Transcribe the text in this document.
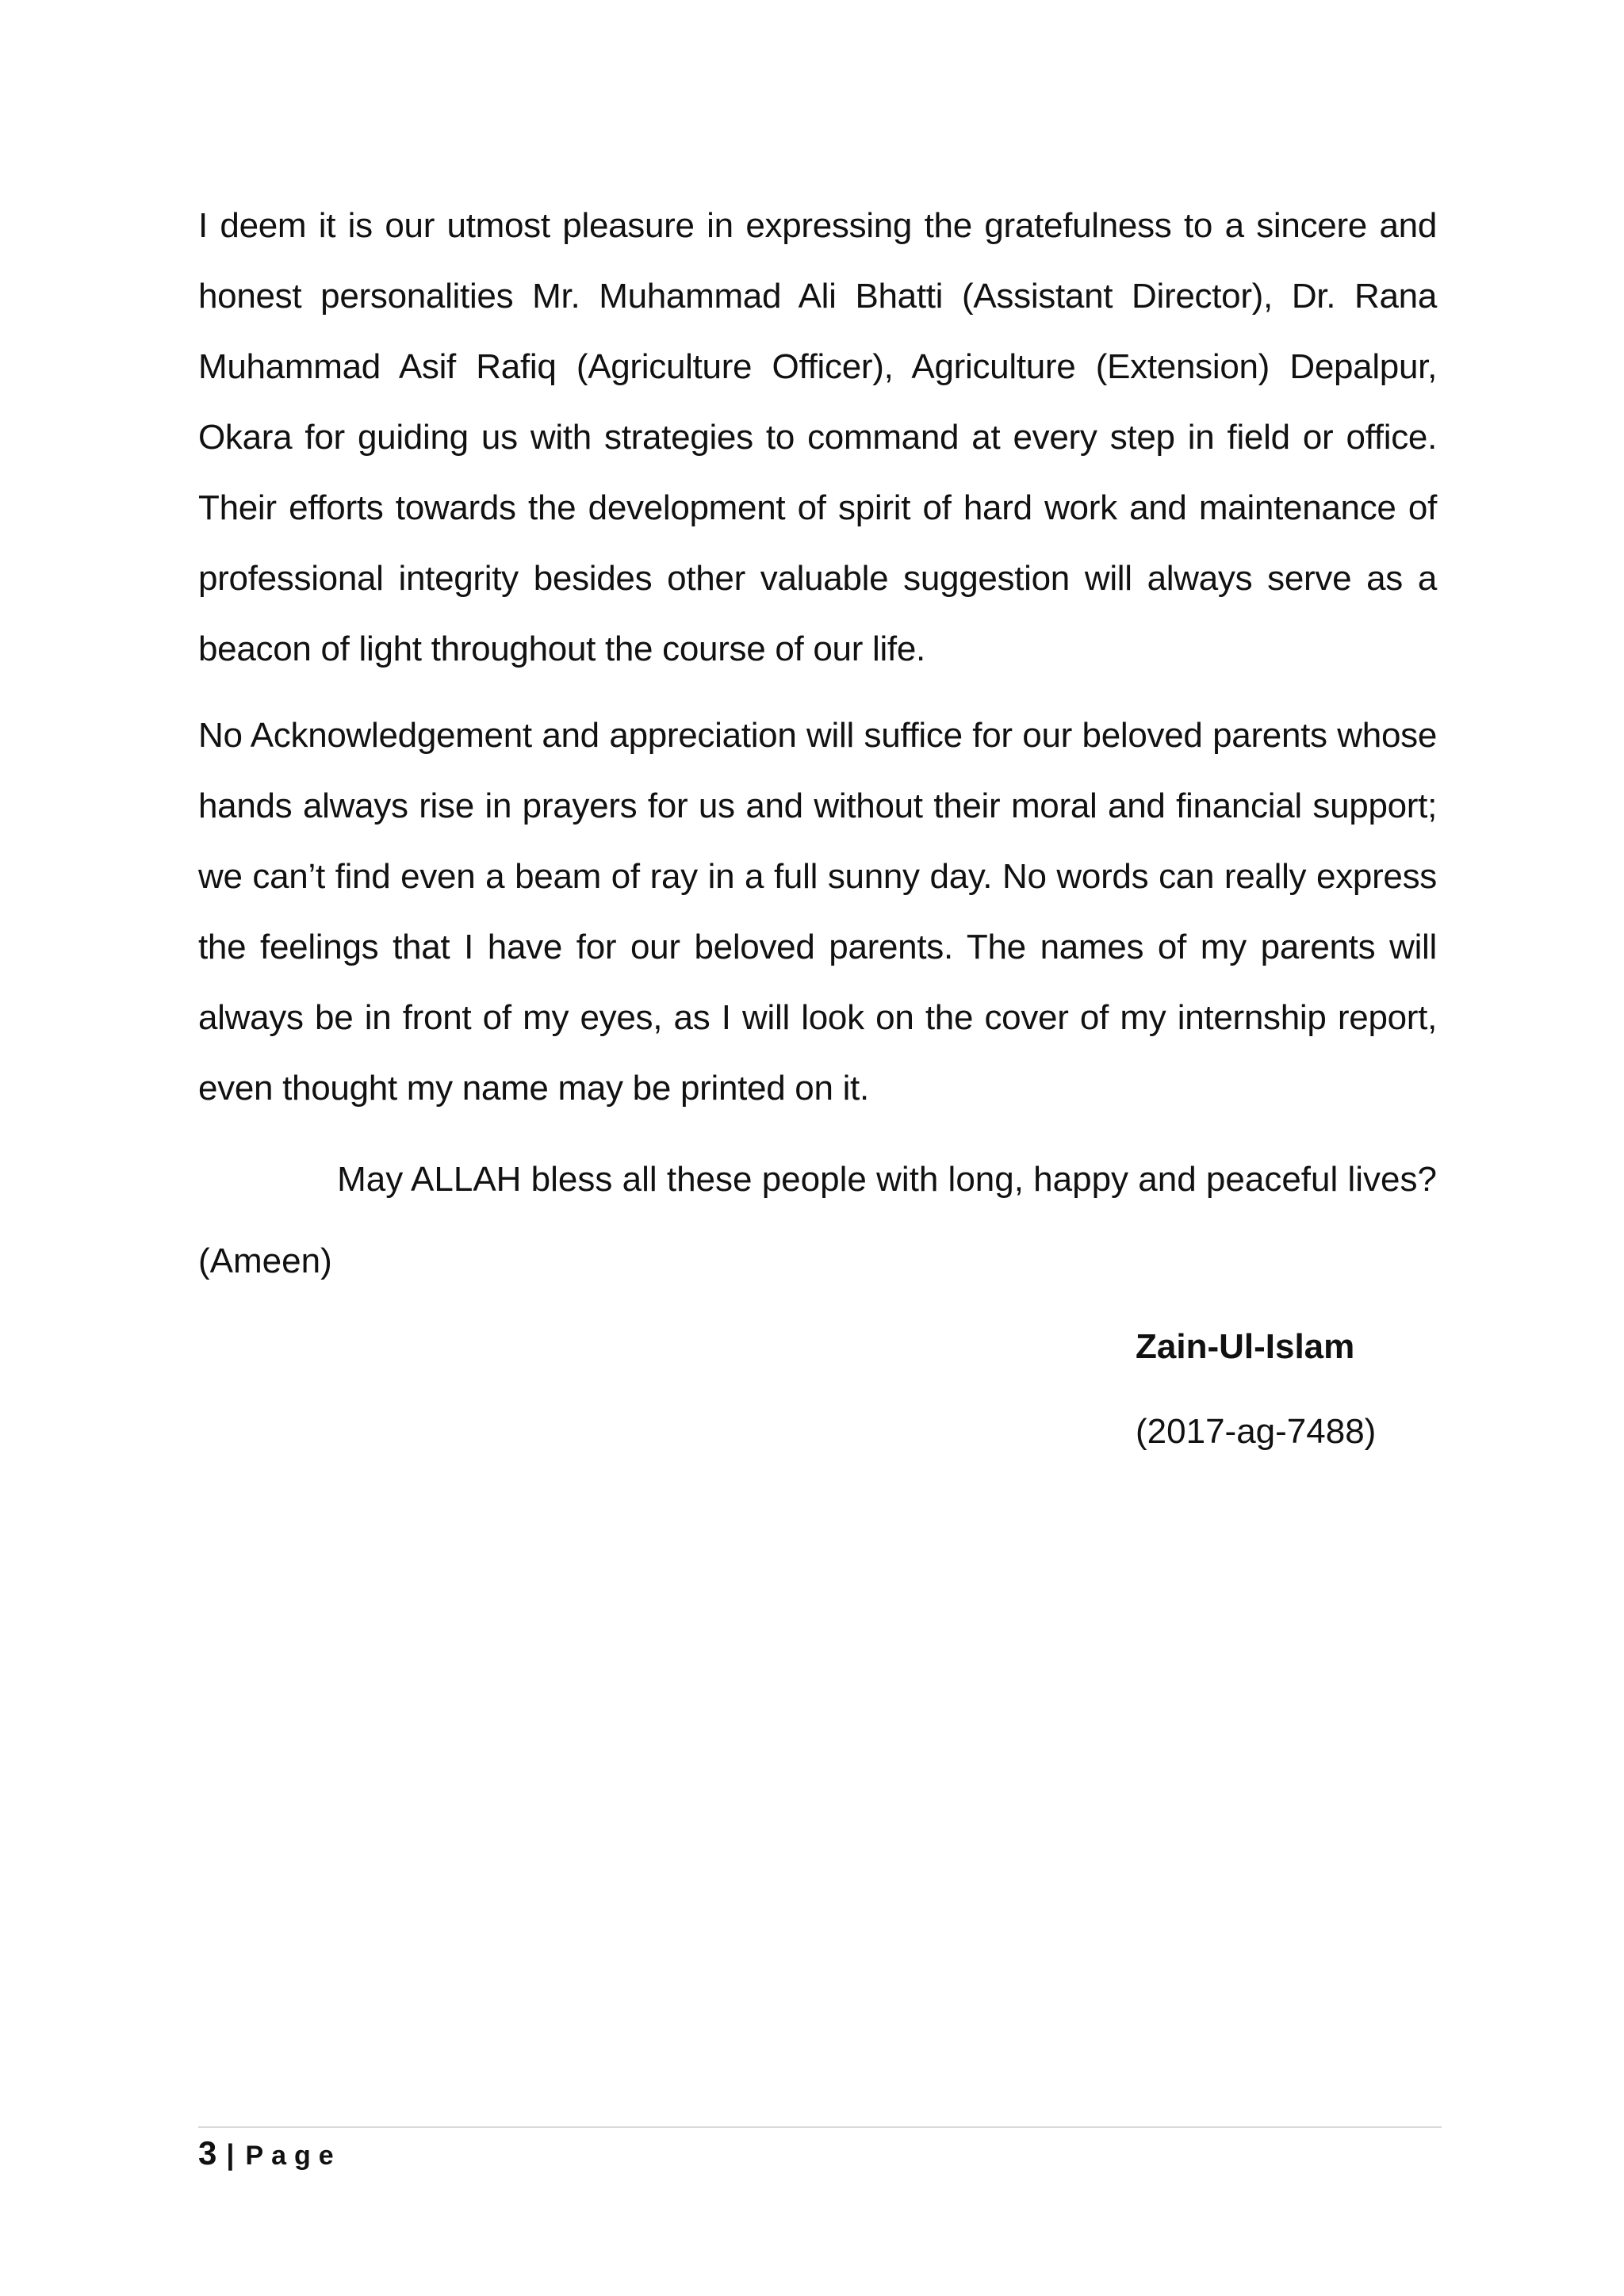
I deem it is our utmost pleasure in expressing the gratefulness to a sincere and honest personalities Mr. Muhammad Ali Bhatti (Assistant Director), Dr. Rana Muhammad Asif Rafiq (Agriculture Officer), Agriculture (Extension) Depalpur, Okara for guiding us with strategies to command at every step in field or office. Their efforts towards the development of spirit of hard work and maintenance of professional integrity besides other valuable suggestion will always serve as a beacon of light throughout the course of our life.

No Acknowledgement and appreciation will suffice for our beloved parents whose hands always rise in prayers for us and without their moral and financial support; we can’t find even a beam of ray in a full sunny day. No words can really express the feelings that I have for our beloved parents. The names of my parents will always be in front of my eyes, as I will look on the cover of my internship report, even thought my name may be printed on it.

May ALLAH bless all these people with long, happy and peaceful lives?

(Ameen)

Zain-Ul-Islam
(2017-ag-7488)
3 | Page
